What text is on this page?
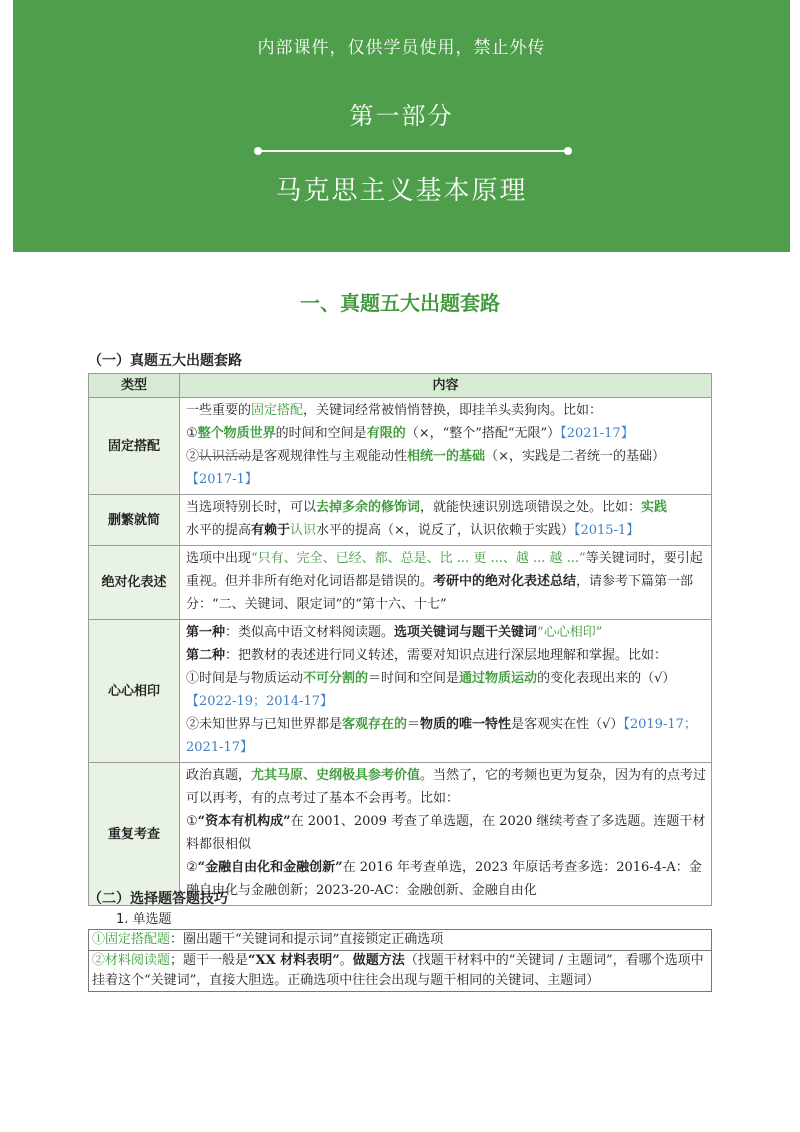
内部课件，仅供学员使用，禁止外传
第一部分
马克思主义基本原理
一、真题五大出题套路
（一）真题五大出题套路
类型	内容
固定搭配	一些重要的固定搭配，关键词经常被悄悄替换，即挂羊头卖狗肉。比如：
①整个物质世界的时间和空间是有限的（×，“整个”搭配“无限”）【2021-17】
②认识活动是客观规律性与主观能动性相统一的基础（×，实践是二者统一的基础）
【2017-1】
删繁就简	当选项特别长时，可以去掉多余的修饰词，就能快速识别选项错误之处。比如：实践
水平的提高有赖于认识水平的提高（×，说反了，认识依赖于实践）【2015-1】
绝对化表述	选项中出现“只有、完全、已经、都、总是、比 ... 更 ...、越 ... 越 ...”等关键词时，要引起重视。但并非所有绝对化词语都是错误的。考研中的绝对化表述总结，请参考下篇第一部分：“二、关键词、限定词”的“第十六、十七”
心心相印	第一种：类似高中语文材料阅读题。选项关键词与题干关键词“心心相印”
第二种：把教材的表述进行同义转述，需要对知识点进行深层地理解和掌握。比如：
①时间是与物质运动不可分割的＝时间和空间是通过物质运动的变化表现出来的（√）【2022-19；2014-17】
②未知世界与已知世界都是客观存在的＝物质的唯一特性是客观实在性（√）【2019-17；2021-17】
重复考查	政治真题，尤其马原、史纲极具参考价值。当然了，它的考频也更为复杂，因为有的点考过可以再考，有的点考过了基本不会再考。比如：
①“资本有机构成”在 2001、2009 考查了单选题，在 2020 继续考查了多选题。连题干材料都很相似
②“金融自由化和金融创新”在 2016 年考查单选，2023 年原话考查多选：2016-4-A：金融自由化与金融创新；2023-20-AC：金融创新、金融自由化
（二）选择题答题技巧
1. 单选题
①固定搭配题：圈出题干“关键词和提示词”直接锁定正确选项
②材料阅读题；题干一般是“XX 材料表明”。做题方法（找题干材料中的“关键词 / 主题词”，看哪个选项中挂着这个“关键词”，直接大胆选。正确选项中往往会出现与题干相同的关键词、主题词）
